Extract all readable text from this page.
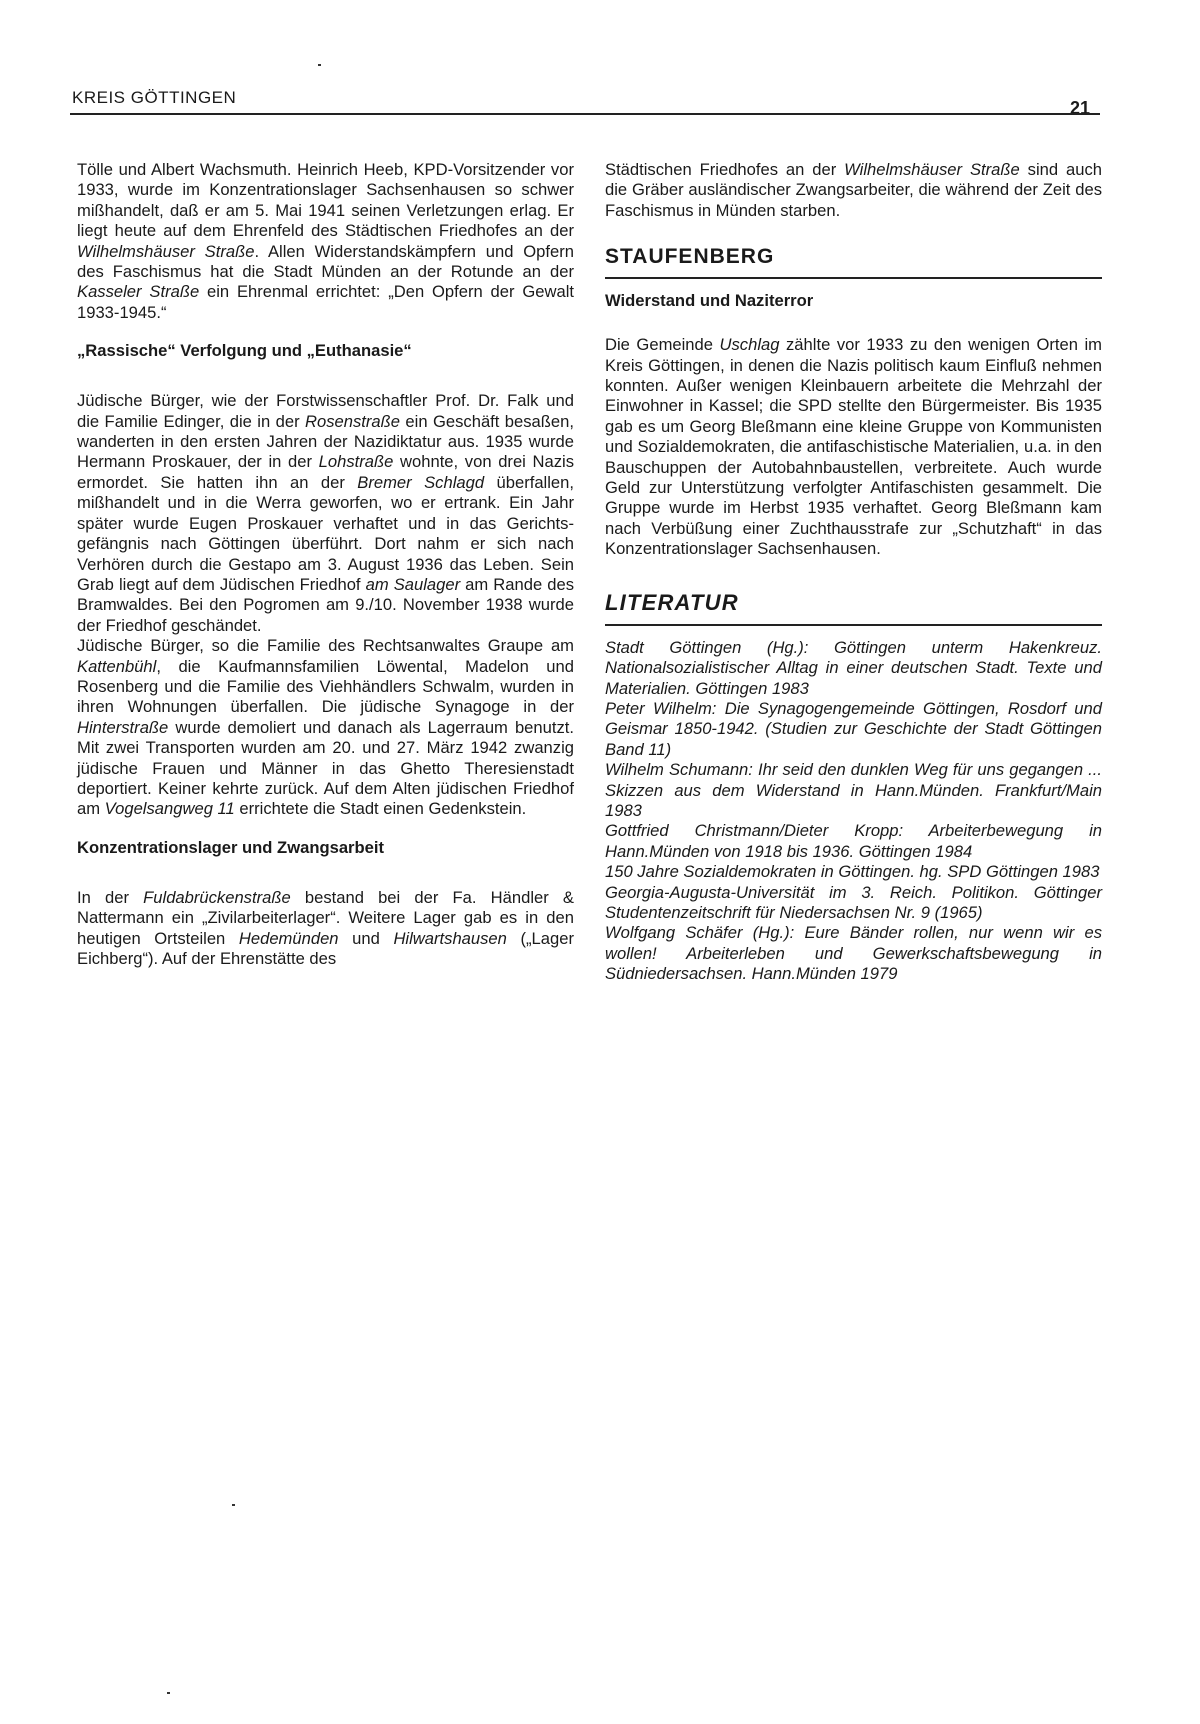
KREIS GÖTTINGEN
21

Tölle und Albert Wachsmuth. Heinrich Heeb, KPD-Vorsitzender vor 1933, wurde im Konzentrationslager Sachsenhausen so schwer mißhandelt, daß er am 5. Mai 1941 seinen Verletzungen erlag. Er liegt heute auf dem Ehrenfeld des Städtischen Friedhofes an der Wilhelmshäuser Straße. Allen Widerstandskämpfern und Opfern des Faschismus hat die Stadt Münden an der Rotunde an der Kasseler Straße ein Ehrenmal errichtet: „Den Opfern der Gewalt 1933-1945.“

„Rassische“ Verfolgung und „Euthanasie“

Jüdische Bürger, wie der Forstwissenschaftler Prof. Dr. Falk und die Familie Edinger, die in der Rosenstraße ein Geschäft besaßen, wanderten in den ersten Jahren der Nazidiktatur aus. 1935 wurde Hermann Proskauer, der in der Lohstraße wohnte, von drei Nazis ermordet. Sie hatten ihn an der Bremer Schlagd überfallen, mißhandelt und in die Werra geworfen, wo er ertrank. Ein Jahr später wurde Eugen Proskauer verhaftet und in das Gerichtsgefängnis nach Göttingen überführt. Dort nahm er sich nach Verhören durch die Gestapo am 3. August 1936 das Leben. Sein Grab liegt auf dem Jüdischen Friedhof am Saulager am Rande des Bramwaldes. Bei den Pogromen am 9./10. November 1938 wurde der Friedhof geschändet.

Jüdische Bürger, so die Familie des Rechtsanwaltes Graupe am Kattenbühl, die Kaufmannsfamilien Löwental, Madelon und Rosenberg und die Familie des Viehhändlers Schwalm, wurden in ihren Wohnungen überfallen. Die jüdische Synagoge in der Hinterstraße wurde demoliert und danach als Lagerraum benutzt. Mit zwei Transporten wurden am 20. und 27. März 1942 zwanzig jüdische Frauen und Männer in das Ghetto Theresienstadt deportiert. Keiner kehrte zurück. Auf dem Alten jüdischen Friedhof am Vogelsangweg 11 errichtete die Stadt einen Gedenkstein.

Konzentrationslager und Zwangsarbeit

In der Fuldabrückenstraße bestand bei der Fa. Händler & Nattermann ein „Zivilarbeiterlager“. Weitere Lager gab es in den heutigen Ortsteilen Hedemünden und Hilwartshausen („Lager Eichberg“). Auf der Ehrenstätte des

Städtischen Friedhofes an der Wilhelmshäuser Straße sind auch die Gräber ausländischer Zwangsarbeiter, die während der Zeit des Faschismus in Münden starben.

STAUFENBERG
Widerstand und Naziterror

Die Gemeinde Uschlag zählte vor 1933 zu den wenigen Orten im Kreis Göttingen, in denen die Nazis politisch kaum Einfluß nehmen konnten. Außer wenigen Kleinbauern arbeitete die Mehrzahl der Einwohner in Kassel; die SPD stellte den Bürgermeister. Bis 1935 gab es um Georg Bleßmann eine kleine Gruppe von Kommunisten und Sozialdemokraten, die antifaschistische Materialien, u.a. in den Bauschuppen der Autobahnbaustellen, verbreitete. Auch wurde Geld zur Unterstützung verfolgter Antifaschisten gesammelt. Die Gruppe wurde im Herbst 1935 verhaftet. Georg Bleßmann kam nach Verbüßung einer Zuchthausstrafe zur „Schutzhaft“ in das Konzentrationslager Sachsenhausen.

LITERATUR
Stadt Göttingen (Hg.): Göttingen unterm Hakenkreuz. Nationalsozialistischer Alltag in einer deutschen Stadt. Texte und Materialien. Göttingen 1983
Peter Wilhelm: Die Synagogengemeinde Göttingen, Rosdorf und Geismar 1850-1942. (Studien zur Geschichte der Stadt Göttingen Band 11)
Wilhelm Schumann: Ihr seid den dunklen Weg für uns gegangen ... Skizzen aus dem Widerstand in Hann.Münden. Frankfurt/Main 1983
Gottfried Christmann/Dieter Kropp: Arbeiterbewegung in Hann.Münden von 1918 bis 1936. Göttingen 1984
150 Jahre Sozialdemokraten in Göttingen. hg. SPD Göttingen 1983
Georgia-Augusta-Universität im 3. Reich. Politikon. Göttinger Studentenzeitschrift für Niedersachsen Nr. 9 (1965)
Wolfgang Schäfer (Hg.): Eure Bänder rollen, nur wenn wir es wollen! Arbeiterleben und Gewerkschaftsbewegung in Südniedersachsen. Hann.Münden 1979
